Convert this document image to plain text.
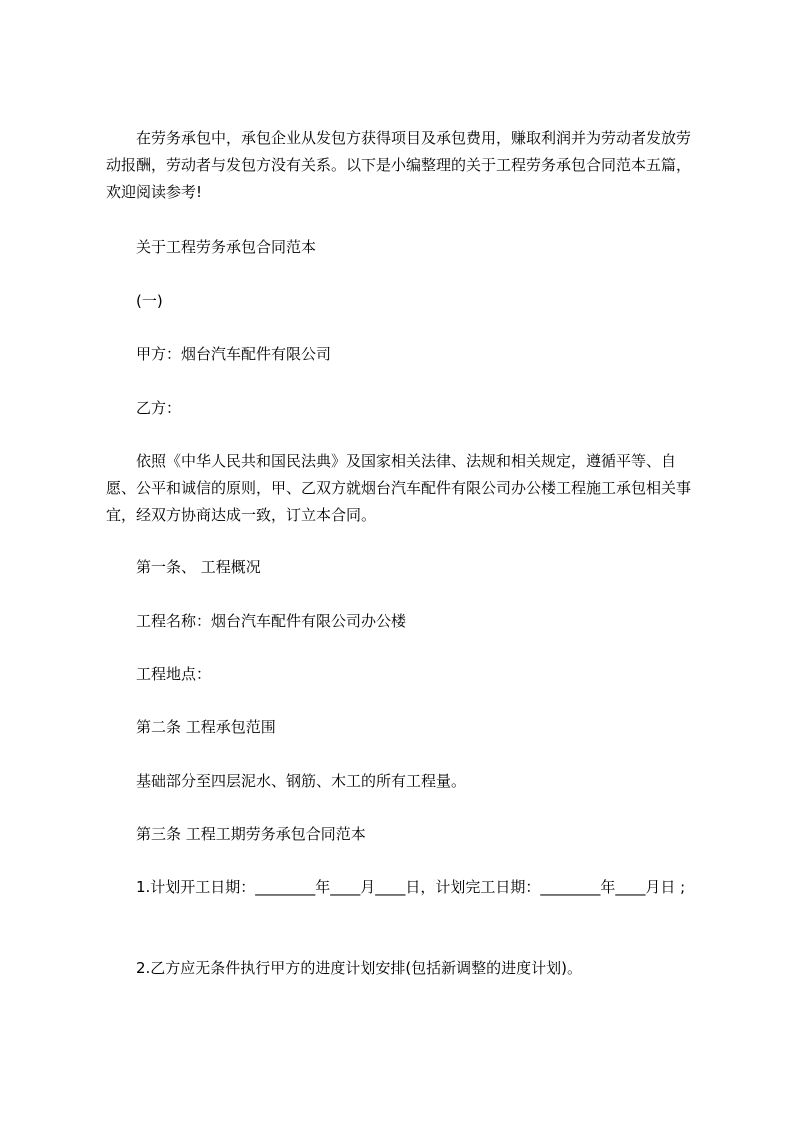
在劳务承包中，承包企业从发包方获得项目及承包费用，赚取利润并为劳动者发放劳动报酬，劳动者与发包方没有关系。以下是小编整理的关于工程劳务承包合同范本五篇，欢迎阅读参考!

关于工程劳务承包合同范本

(一)

甲方：烟台汽车配件有限公司

乙方：

依照《中华人民共和国民法典》及国家相关法律、法规和相关规定，遵循平等、自愿、公平和诚信的原则，甲、乙双方就烟台汽车配件有限公司办公楼工程施工承包相关事宜，经双方协商达成一致，订立本合同。

第一条、 工程概况

工程名称：烟台汽车配件有限公司办公楼

工程地点：

第二条 工程承包范围

基础部分至四层泥水、钢筋、木工的所有工程量。

第三条 工程工期劳务承包合同范本

1.计划开工日期：________年____月____日，计划完工日期：________年____月日 ;

2.乙方应无条件执行甲方的进度计划安排(包括新调整的进度计划)。
